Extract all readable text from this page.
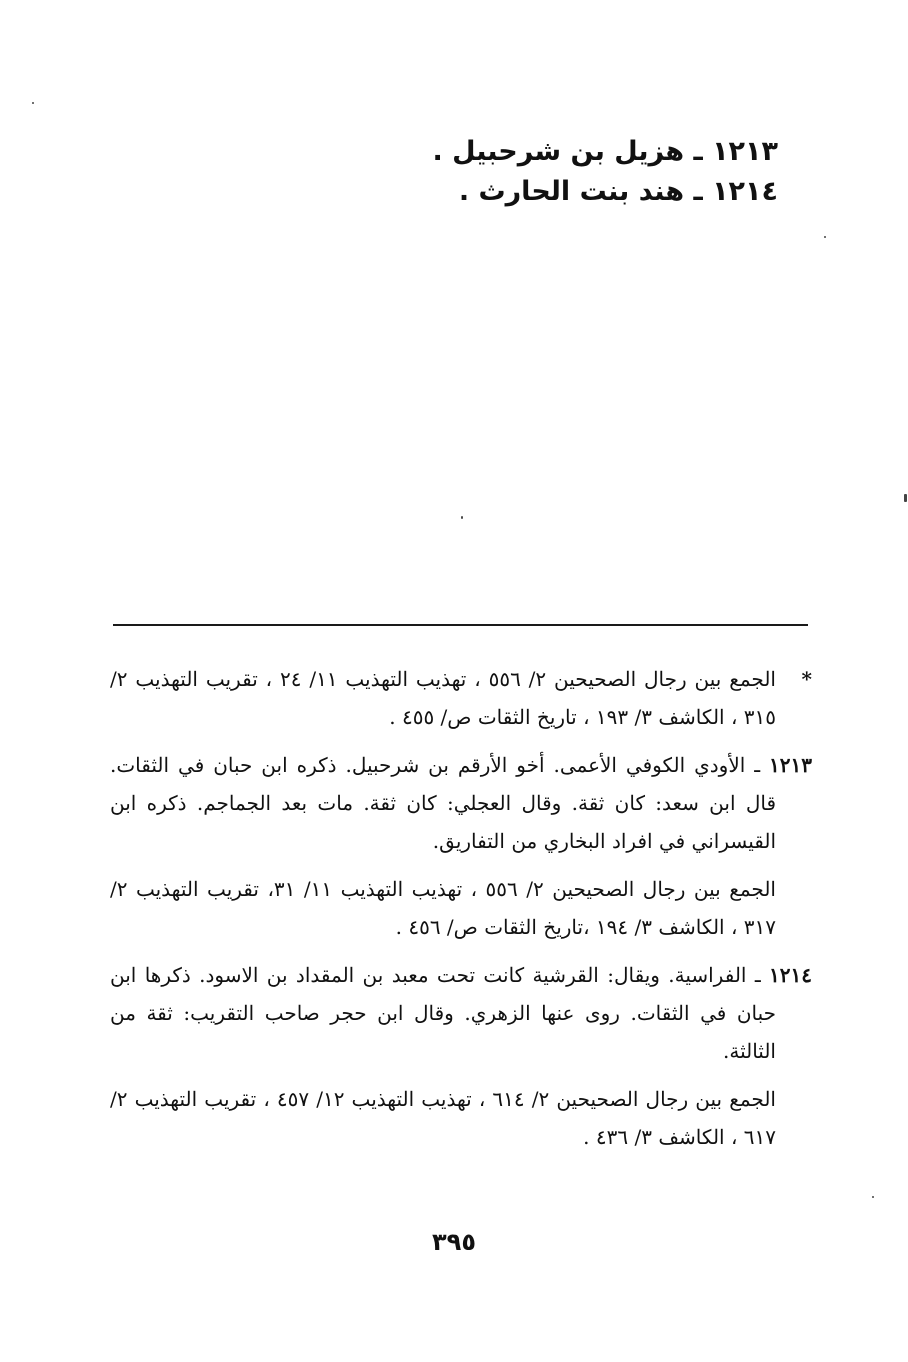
١٢١٣ ـ هزيل بن شرحبيل .
١٢١٤ ـ هند بنت الحارث .

*الجمع بين رجال الصحيحين ٢/ ٥٥٦ ، تهذيب التهذيب ١١/ ٢٤ ، تقريب التهذيب ٢/ ٣١٥ ، الكاشف ٣/ ١٩٣ ، تاريخ الثقات ص/ ٤٥٥ .

١٢١٣ ـ الأودي الكوفي الأعمى. أخو الأرقم بن شرحبيل. ذكره ابن حبان في الثقات. قال ابن سعد: كان ثقة. وقال العجلي: كان ثقة. مات بعد الجماجم. ذكره ابن القيسراني في افراد البخاري من التفاريق.

الجمع بين رجال الصحيحين ٢/ ٥٥٦ ، تهذيب التهذيب ١١/ ٣١، تقريب التهذيب ٢/ ٣١٧ ، الكاشف ٣/ ١٩٤ ،تاريخ الثقات ص/ ٤٥٦ .

١٢١٤ ـ الفراسية. ويقال: القرشية كانت تحت معبد بن المقداد بن الاسود. ذكرها ابن حبان في الثقات. روى عنها الزهري. وقال ابن حجر صاحب التقريب: ثقة من الثالثة.

الجمع بين رجال الصحيحين ٢/ ٦١٤ ، تهذيب التهذيب ١٢/ ٤٥٧ ، تقريب التهذيب ٢/ ٦١٧ ، الكاشف ٣/ ٤٣٦ .

٣٩٥
